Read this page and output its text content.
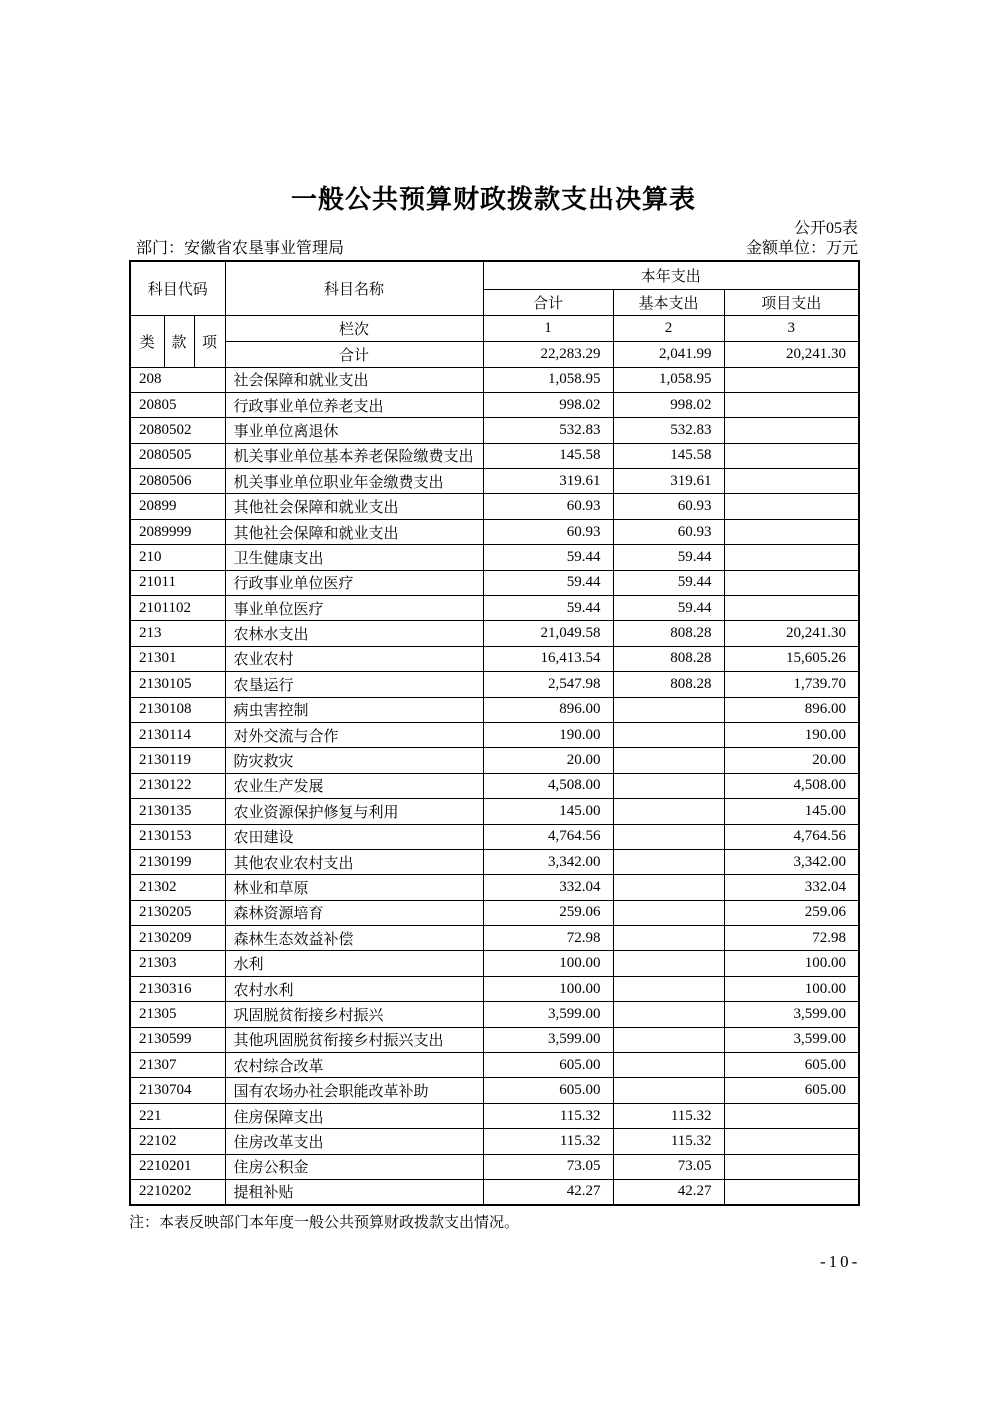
一般公共预算财政拨款支出决算表
公开05表
部门：安徽省农垦事业管理局	金额单位：万元
科目代码			科目名称	本年支出		
				合计	基本支出	项目支出
类	款	项	栏次	1	2	3
			合计	22,283.29	2,041.99	20,241.30
208			社会保障和就业支出	1,058.95	1,058.95	
20805			行政事业单位养老支出	998.02	998.02	
2080502			事业单位离退休	532.83	532.83	
2080505			机关事业单位基本养老保险缴费支出	145.58	145.58	
2080506			机关事业单位职业年金缴费支出	319.61	319.61	
20899			其他社会保障和就业支出	60.93	60.93	
2089999			其他社会保障和就业支出	60.93	60.93	
210			卫生健康支出	59.44	59.44	
21011			行政事业单位医疗	59.44	59.44	
2101102			事业单位医疗	59.44	59.44	
213			农林水支出	21,049.58	808.28	20,241.30
21301			农业农村	16,413.54	808.28	15,605.26
2130105			农垦运行	2,547.98	808.28	1,739.70
2130108			病虫害控制	896.00		896.00
2130114			对外交流与合作	190.00		190.00
2130119			防灾救灾	20.00		20.00
2130122			农业生产发展	4,508.00		4,508.00
2130135			农业资源保护修复与利用	145.00		145.00
2130153			农田建设	4,764.56		4,764.56
2130199			其他农业农村支出	3,342.00		3,342.00
21302			林业和草原	332.04		332.04
2130205			森林资源培育	259.06		259.06
2130209			森林生态效益补偿	72.98		72.98
21303			水利	100.00		100.00
2130316			农村水利	100.00		100.00
21305			巩固脱贫衔接乡村振兴	3,599.00		3,599.00
2130599			其他巩固脱贫衔接乡村振兴支出	3,599.00		3,599.00
21307			农村综合改革	605.00		605.00
2130704			国有农场办社会职能改革补助	605.00		605.00
221			住房保障支出	115.32	115.32	
22102			住房改革支出	115.32	115.32	
2210201			住房公积金	73.05	73.05	
2210202			提租补贴	42.27	42.27	
注：本表反映部门本年度一般公共预算财政拨款支出情况。
-10-
